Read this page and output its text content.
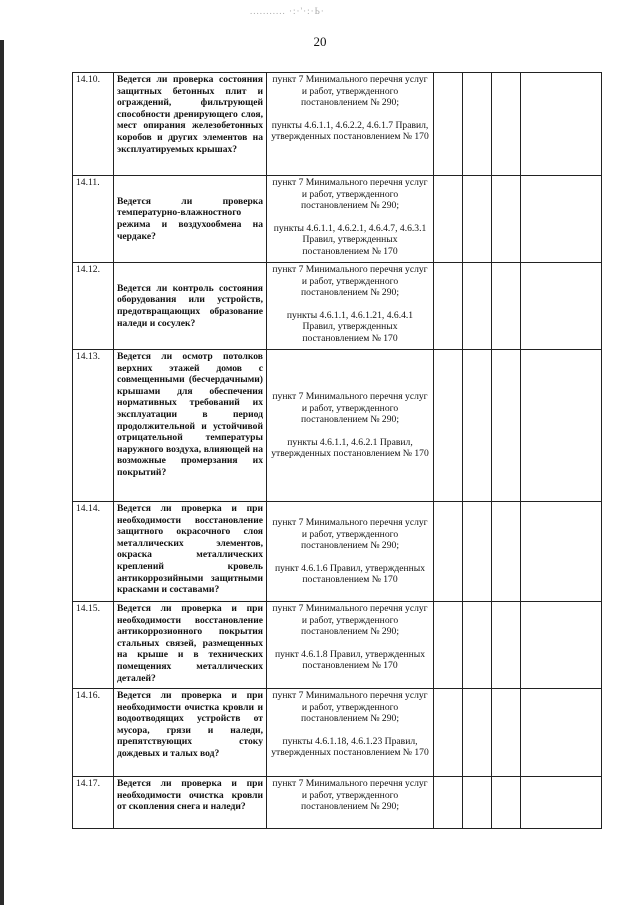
........... ·:·'·:·Ь·
20
14.10.	Ведется ли проверка состояния защитных бетонных плит и ограждений, фильтрующей способности дренирующего слоя, мест опирания железобетонных коробов и других элементов на эксплуатируемых крышах?	пункт 7 Минимального перечня услуг и работ, утвержденного постановлением № 290;

пункты 4.6.1.1, 4.6.2.2, 4.6.1.7 Правил, утвержденных постановлением № 170				

14.11.	Ведется ли проверка температурно-влажностного режима и воздухообмена на чердаке?	пункт 7 Минимального перечня услуг и работ, утвержденного постановлением № 290;

пункты 4.6.1.1, 4.6.2.1, 4.6.4.7, 4.6.3.1 Правил, утвержденных постановлением № 170				

14.12.	Ведется ли контроль состояния оборудования или устройств, предотвращающих образование наледи и сосулек?	пункт 7 Минимального перечня услуг и работ, утвержденного постановлением № 290;

пункты 4.6.1.1, 4.6.1.21, 4.6.4.1 Правил, утвержденных постановлением № 170				

14.13.	Ведется ли осмотр потолков верхних этажей домов с совмещенными (бесчердачными) крышами для обеспечения нормативных требований их эксплуатации в период продолжительной и устойчивой отрицательной температуры наружного воздуха, влияющей на возможные промерзания их покрытий?	пункт 7 Минимального перечня услуг и работ, утвержденного постановлением № 290;

пункты 4.6.1.1, 4.6.2.1 Правил, утвержденных постановлением № 170				

14.14.	Ведется ли проверка и при необходимости восстановление защитного окрасочного слоя металлических элементов, окраска металлических креплений кровель антикоррозийными защитными красками и составами?	пункт 7 Минимального перечня услуг и работ, утвержденного постановлением № 290;

пункт 4.6.1.6 Правил, утвержденных постановлением № 170				

14.15.	Ведется ли проверка и при необходимости восстановление антикоррозионного покрытия стальных связей, размещенных на крыше и в технических помещениях металлических деталей?	пункт 7 Минимального перечня услуг и работ, утвержденного постановлением № 290;

пункт 4.6.1.8 Правил, утвержденных постановлением № 170				

14.16.	Ведется ли проверка и при необходимости очистка кровли и водоотводящих устройств от мусора, грязи и наледи, препятствующих стоку дождевых и талых вод?	пункт 7 Минимального перечня услуг и работ, утвержденного постановлением № 290;

пункты 4.6.1.18, 4.6.1.23 Правил, утвержденных постановлением № 170				

14.17.	Ведется ли проверка и при необходимости очистка кровли от скопления снега и наледи?	пункт 7 Минимального перечня услуг и работ, утвержденного постановлением № 290;				
